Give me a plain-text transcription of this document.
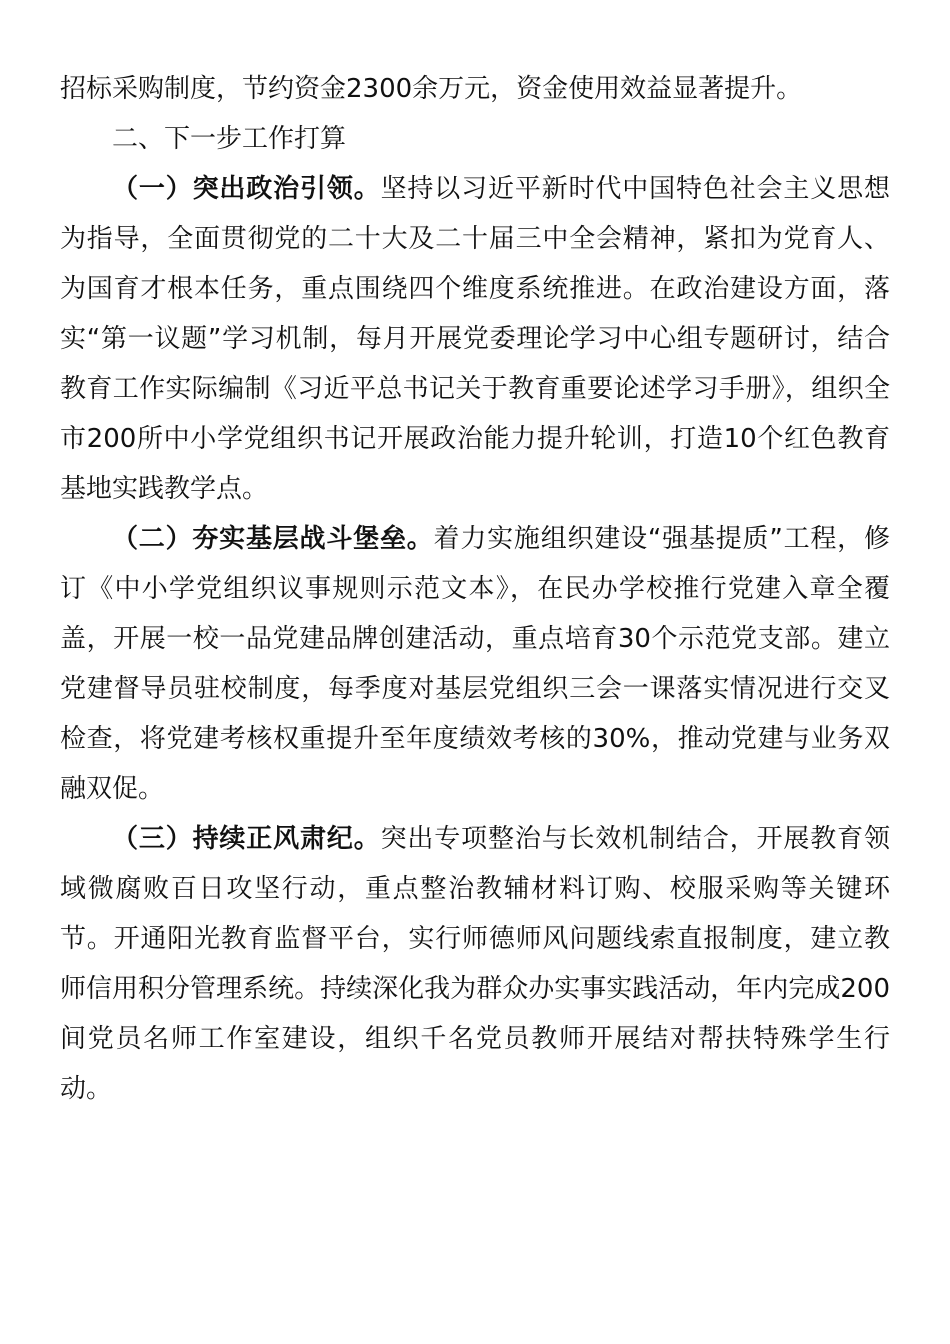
招标采购制度，节约资金2300余万元，资金使用效益显著提升。

二、下一步工作打算

（一）突出政治引领。坚持以习近平新时代中国特色社会主义思想为指导，全面贯彻党的二十大及二十届三中全会精神，紧扣为党育人、为国育才根本任务，重点围绕四个维度系统推进。在政治建设方面，落实“第一议题”学习机制，每月开展党委理论学习中心组专题研讨，结合教育工作实际编制《习近平总书记关于教育重要论述学习手册》，组织全市200所中小学党组织书记开展政治能力提升轮训，打造10个红色教育基地实践教学点。

（二）夯实基层战斗堡垒。着力实施组织建设“强基提质”工程，修订《中小学党组织议事规则示范文本》，在民办学校推行党建入章全覆盖，开展一校一品党建品牌创建活动，重点培育30个示范党支部。建立党建督导员驻校制度，每季度对基层党组织三会一课落实情况进行交叉检查，将党建考核权重提升至年度绩效考核的30%，推动党建与业务双融双促。

（三）持续正风肃纪。突出专项整治与长效机制结合，开展教育领域微腐败百日攻坚行动，重点整治教辅材料订购、校服采购等关键环节。开通阳光教育监督平台，实行师德师风问题线索直报制度，建立教师信用积分管理系统。持续深化我为群众办实事实践活动，年内完成200间党员名师工作室建设，组织千名党员教师开展结对帮扶特殊学生行动。
